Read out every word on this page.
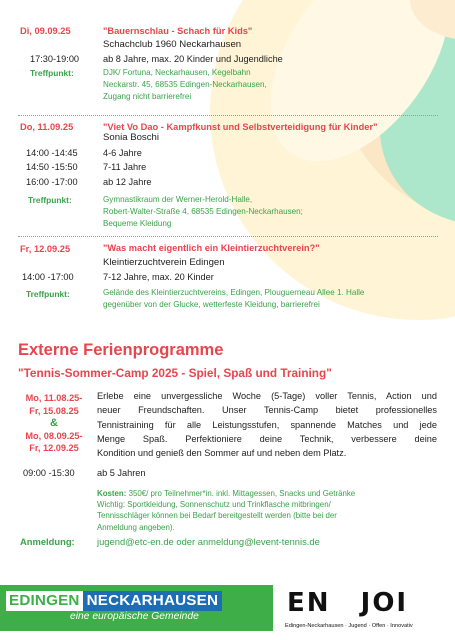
Di, 09.09.25	"Bauernschlau - Schach für Kids"
Schachclub 1960 Neckarhausen
17:30-19:00	ab 8 Jahre, max. 20 Kinder und Jugendliche
Treffpunkt:	DJK/ Fortuna, Neckarhausen, Kegelbahn
Neckarstr. 45, 68535 Edingen-Neckarhausen,
Zugang nicht barrierefrei
Do, 11.09.25	"Viet Vo Dao - Kampfkunst und Selbstverteidigung für Kinder"
Sonia Boschi
14:00 -14:45	4-6 Jahre
14:50 -15:50	7-11 Jahre
16:00 -17:00	ab 12 Jahre
Treffpunkt:	Gymnastikraum der Werner-Herold-Halle,
Robert-Walter-Straße 4, 68535 Edingen-Neckarhausen;
Bequeme Kleidung
Fr, 12.09.25	"Was macht eigentlich ein Kleintierzuchtverein?"
Kleintierzuchtverein Edingen
14:00 -17:00	7-12 Jahre, max. 20 Kinder
Treffpunkt:	Gelände des Kleintierzuchtvereins, Edingen, Plouguerneau Allee 1. Halle
gegenüber von der Glucke, wetterfeste Kleidung, barrierefrei
Externe Ferienprogramme
"Tennis-Sommer-Camp 2025 - Spiel, Spaß und Training"
Mo, 11.08.25-
Fr, 15.08.25
&
Mo, 08.09.25-
Fr, 12.09.25
Erlebe eine unvergessliche Woche (5-Tage) voller Tennis, Action und
neuer Freundschaften. Unser Tennis-Camp bietet professionelles
Tennistraining für alle Leistungsstufen, spannende Matches und jede
Menge Spaß. Perfektioniere deine Technik, verbessere deine
Kondition und genieß den Sommer auf und neben dem Platz.
09:00 -15:30 ab 5 Jahren
Kosten: 350€/ pro Teilnehmer*in. inkl. Mittagessen, Snacks und Getränke
Wichtig: Sportkleidung, Sonnenschutz und Trinkflasche mitbringen/
Tennisschläger können bei Bedarf bereitgestellt werden (bitte bei der
Anmeldung angeben).
Anmeldung: jugend@etc-en.de oder anmeldung@levent-tennis.de
EDINGEN NECKARHAUSEN
eine europäische Gemeinde	EN JOI
Edingen-Neckarhausen · Jugend · Offen · Innovativ
